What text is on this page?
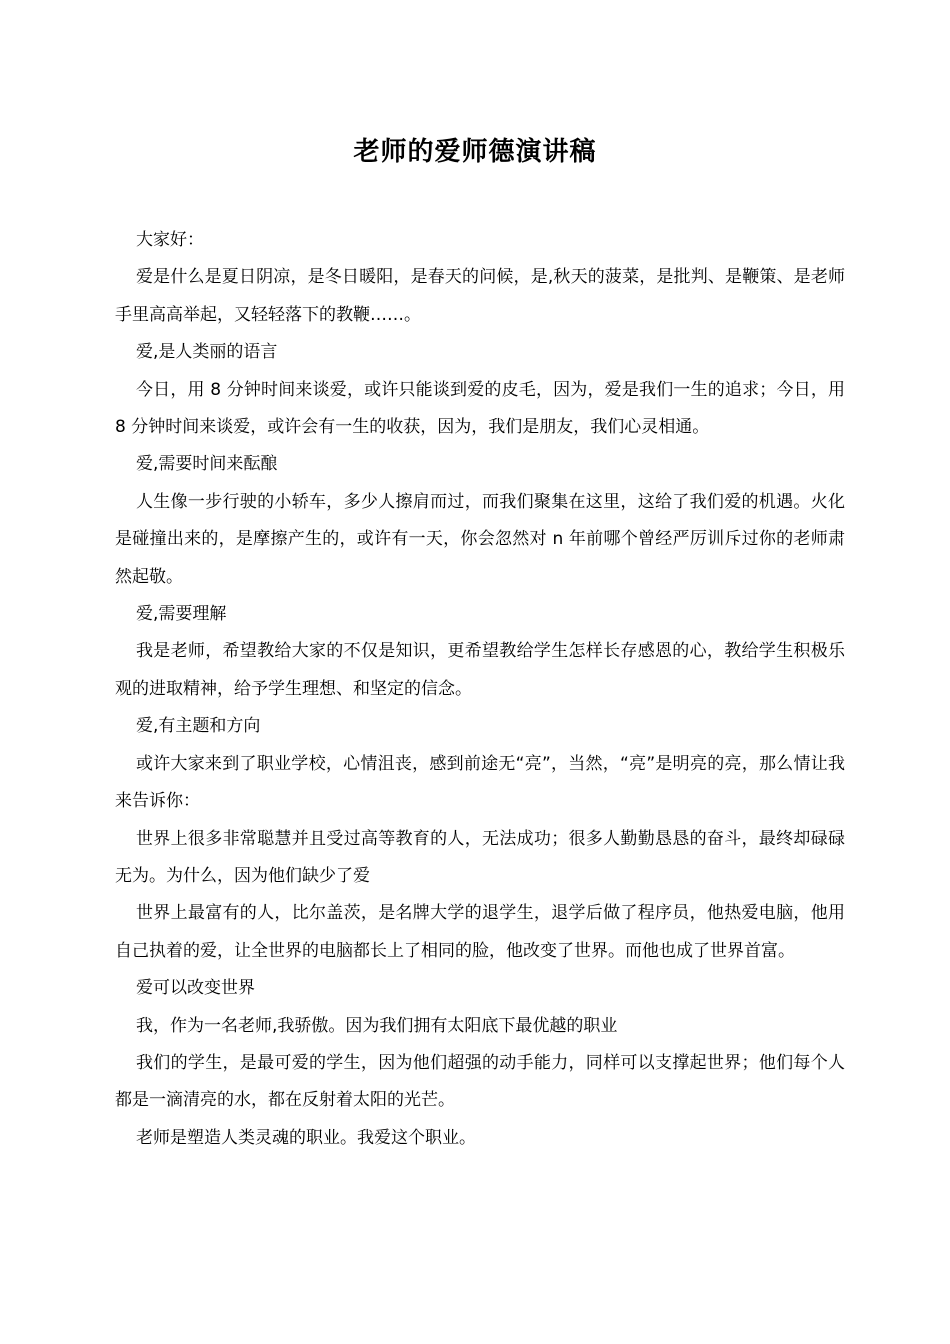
老师的爱师德演讲稿

大家好：

爱是什么是夏日阴凉，是冬日暖阳，是春天的问候，是,秋天的菠菜，是批判、是鞭策、是老师手里高高举起，又轻轻落下的教鞭……。

爱,是人类丽的语言

今日，用 8 分钟时间来谈爱，或许只能谈到爱的皮毛，因为，爱是我们一生的追求；今日，用 8 分钟时间来谈爱，或许会有一生的收获，因为，我们是朋友，我们心灵相通。

爱,需要时间来酝酿

人生像一步行驶的小轿车，多少人擦肩而过，而我们聚集在这里，这给了我们爱的机遇。火化是碰撞出来的，是摩擦产生的，或许有一天，你会忽然对 n 年前哪个曾经严厉训斥过你的老师肃然起敬。

爱,需要理解

我是老师，希望教给大家的不仅是知识，更希望教给学生怎样长存感恩的心，教给学生积极乐观的进取精神，给予学生理想、和坚定的信念。

爱,有主题和方向

或许大家来到了职业学校，心情沮丧，感到前途无“亮”，当然，“亮”是明亮的亮，那么情让我来告诉你：

世界上很多非常聪慧并且受过高等教育的人，无法成功；很多人勤勤恳恳的奋斗，最终却碌碌无为。为什么，因为他们缺少了爱

世界上最富有的人，比尔盖茨，是名牌大学的退学生，退学后做了程序员，他热爱电脑，他用自己执着的爱，让全世界的电脑都长上了相同的脸，他改变了世界。而他也成了世界首富。

爱可以改变世界

我，作为一名老师,我骄傲。因为我们拥有太阳底下最优越的职业

我们的学生，是最可爱的学生，因为他们超强的动手能力，同样可以支撑起世界；他们每个人都是一滴清亮的水，都在反射着太阳的光芒。

老师是塑造人类灵魂的职业。我爱这个职业。
